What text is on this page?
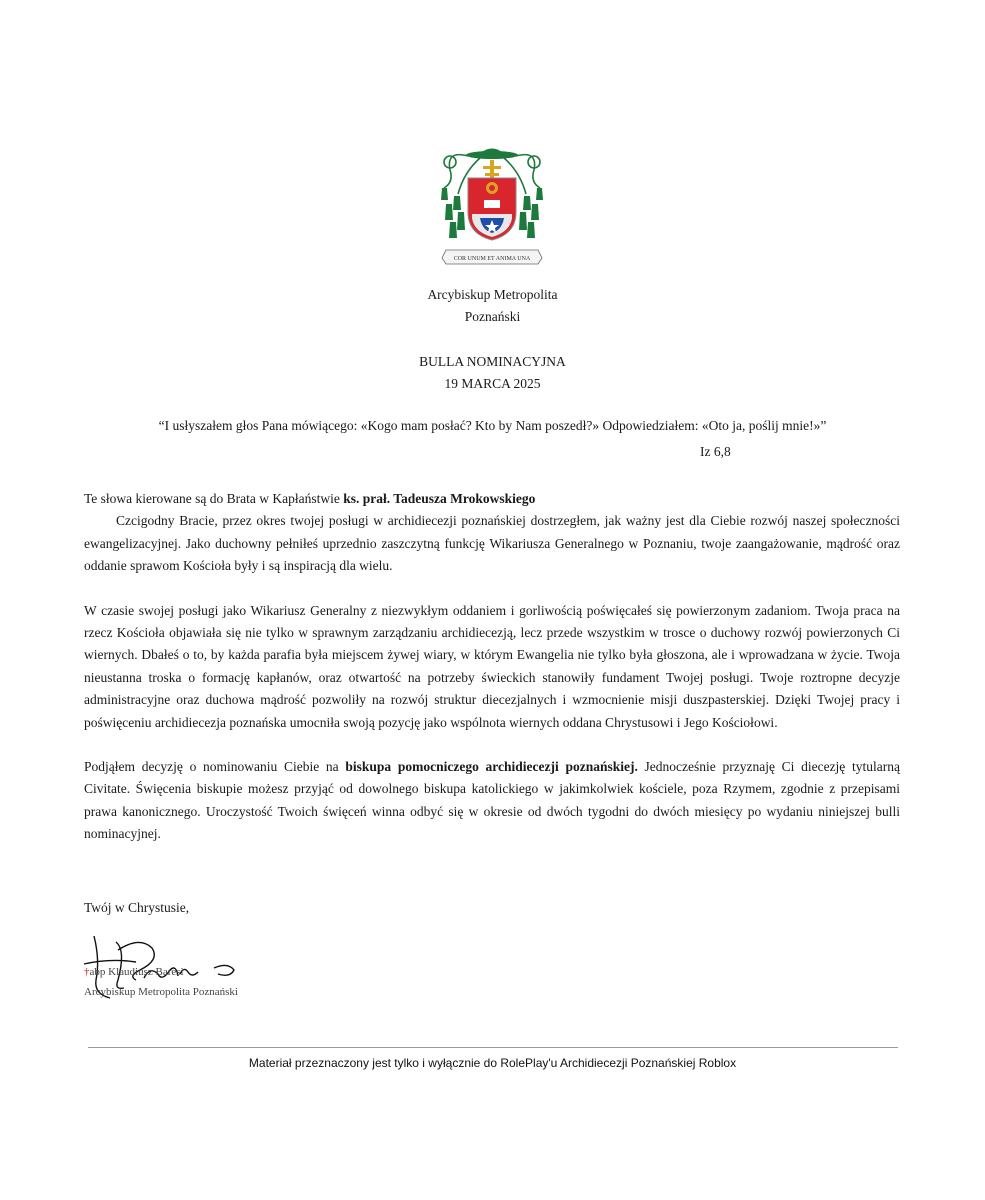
COR UNUM ET ANIMA UNA
Arcybiskup Metropolita
Poznański
BULLA NOMINACYJNA
19 MARCA 2025
“I usłyszałem głos Pana mówiącego: «Kogo mam posłać? Kto by Nam poszedł?» Odpowiedziałem: «Oto ja, poślij mnie!»”
Iz 6,8

Te słowa kierowane są do Brata w Kapłaństwie ks. prał. Tadeusza Mrokowskiego

Czcigodny Bracie, przez okres twojej posługi w archidiecezji poznańskiej dostrzegłem, jak ważny jest dla Ciebie rozwój naszej społeczności ewangelizacyjnej. Jako duchowny pełniłeś uprzednio zaszczytną funkcję Wikariusza Generalnego w Poznaniu, twoje zaangażowanie, mądrość oraz oddanie sprawom Kościoła były i są inspiracją dla wielu.

W czasie swojej posługi jako Wikariusz Generalny z niezwykłym oddaniem i gorliwością poświęcałeś się powierzonym zadaniom. Twoja praca na rzecz Kościoła objawiała się nie tylko w sprawnym zarządzaniu archidiecezją, lecz przede wszystkim w trosce o duchowy rozwój powierzonych Ci wiernych. Dbałeś o to, by każda parafia była miejscem żywej wiary, w którym Ewangelia nie tylko była głoszona, ale i wprowadzana w życie. Twoja nieustanna troska o formację kapłanów, oraz otwartość na potrzeby świeckich stanowiły fundament Twojej posługi. Twoje roztropne decyzje administracyjne oraz duchowa mądrość pozwoliły na rozwój struktur diecezjalnych i wzmocnienie misji duszpasterskiej. Dzięki Twojej pracy i poświęceniu archidiecezja poznańska umocniła swoją pozycję jako wspólnota wiernych oddana Chrystusowi i Jego Kościołowi.

Podjąłem decyzję o nominowaniu Ciebie na biskupa pomocniczego archidiecezji poznańskiej. Jednocześnie przyznaję Ci diecezję tytularną Civitate. Święcenia biskupie możesz przyjąć od dowolnego biskupa katolickiego w jakimkolwiek kościele, poza Rzymem, zgodnie z przepisami prawa kanonicznego. Uroczystość Twoich święceń winna odbyć się w okresie od dwóch tygodni do dwóch miesięcy po wydaniu niniejszej bulli nominacyjnej.

Twój w Chrystusie,
†abp Klaudiusz Baresi
Arcybiskup Metropolita Poznański
Materiał przeznaczony jest tylko i wyłącznie do RolePlay'u Archidiecezji Poznańskiej Roblox
